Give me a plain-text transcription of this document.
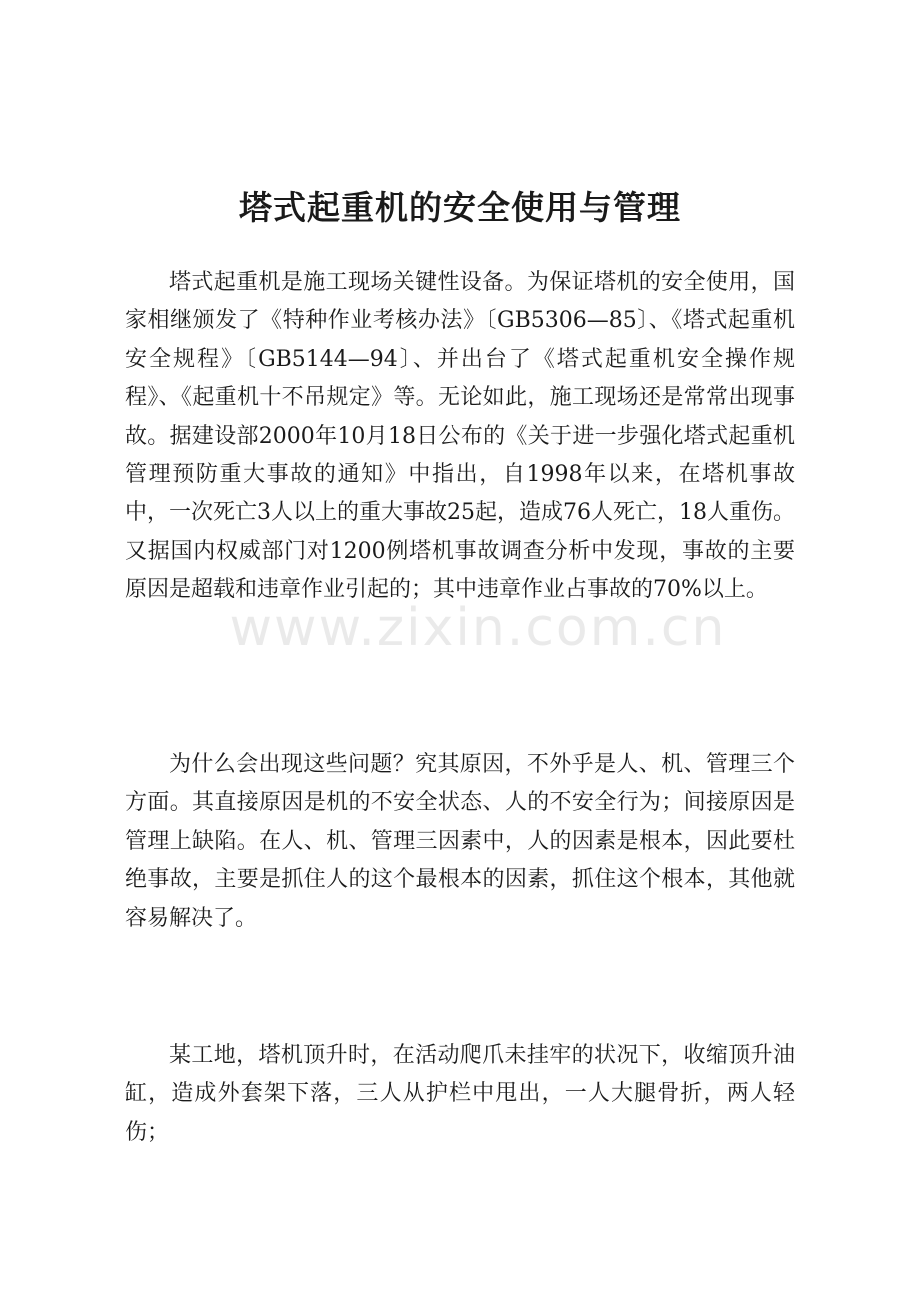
塔式起重机的安全使用与管理

塔式起重机是施工现场关键性设备。为保证塔机的安全使用，国家相继颁发了《特种作业考核办法》〔GB5306—85〕、《塔式起重机安全规程》〔GB5144—94〕、并出台了《塔式起重机安全操作规程》、《起重机十不吊规定》等。无论如此，施工现场还是常常出现事故。据建设部2000年10月18日公布的《关于进一步强化塔式起重机管理预防重大事故的通知》中指出，自1998年以来，在塔机事故中，一次死亡3人以上的重大事故25起，造成76人死亡，18人重伤。又据国内权威部门对1200例塔机事故调查分析中发现，事故的主要原因是超载和违章作业引起的；其中违章作业占事故的70%以上。

为什么会出现这些问题？究其原因，不外乎是人、机、管理三个方面。其直接原因是机的不安全状态、人的不安全行为；间接原因是管理上缺陷。在人、机、管理三因素中，人的因素是根本，因此要杜绝事故，主要是抓住人的这个最根本的因素，抓住这个根本，其他就容易解决了。

某工地，塔机顶升时，在活动爬爪未挂牢的状况下，收缩顶升油缸，造成外套架下落，三人从护栏中甩出，一人大腿骨折，两人轻伤；

www.zixin.com.cn
